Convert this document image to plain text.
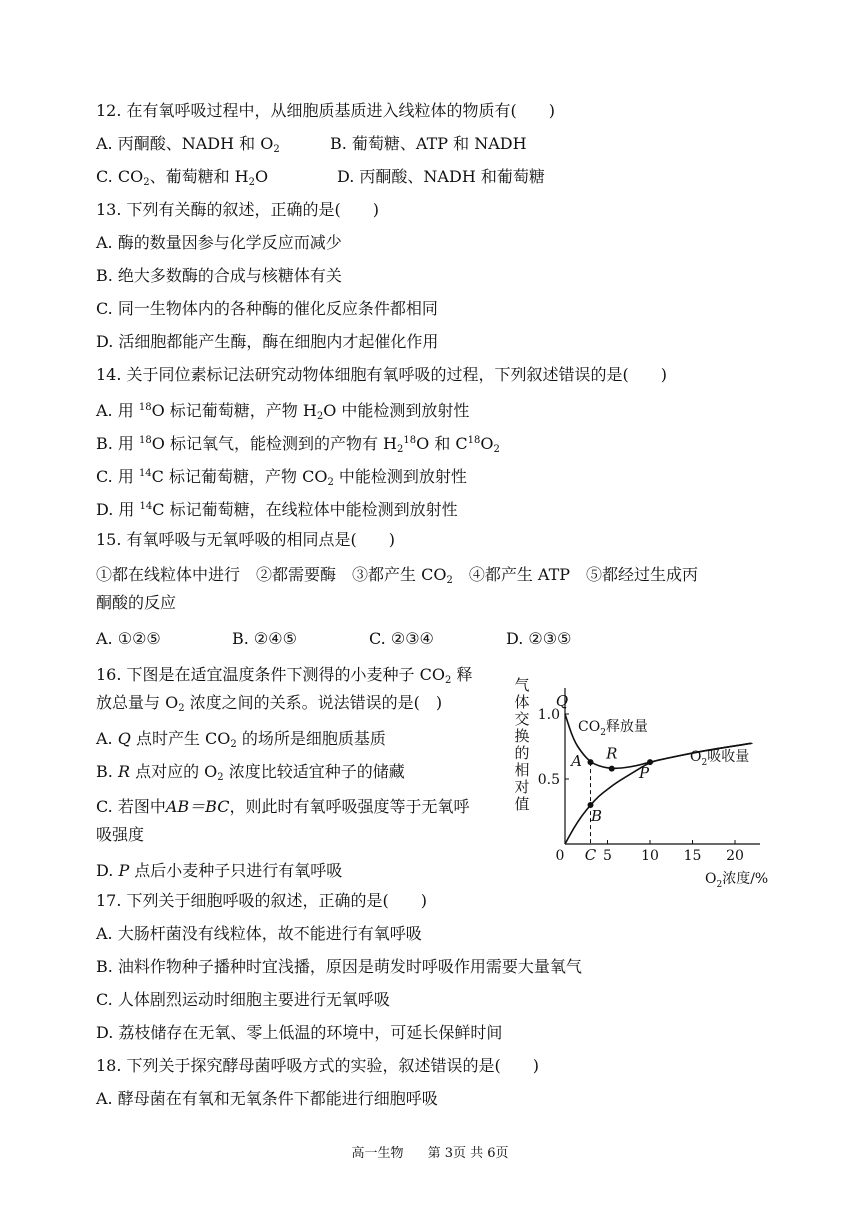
12. 在有氧呼吸过程中，从细胞质基质进入线粒体的物质有(　　)
A. 丙酮酸、NADH 和 $O_2$	B. 葡萄糖、ATP 和 NADH
C. $CO_2$、葡萄糖和 $H_2O$	D. 丙酮酸、NADH 和葡萄糖
13. 下列有关酶的叙述，正确的是(　　)
A. 酶的数量因参与化学反应而减少
B. 绝大多数酶的合成与核糖体有关
C. 同一生物体内的各种酶的催化反应条件都相同
D. 活细胞都能产生酶，酶在细胞内才起催化作用
14. 关于同位素标记法研究动物体细胞有氧呼吸的过程，下列叙述错误的是(　　)
A. 用 $^{18}$O 标记葡萄糖，产物 $H_2O$ 中能检测到放射性
B. 用 $^{18}$O 标记氧气，能检测到的产物有 $H_2^{18}O$ 和 $C^{18}O_2$
C. 用 $^{14}$C 标记葡萄糖，产物 $CO_2$ 中能检测到放射性
D. 用 $^{14}$C 标记葡萄糖，在线粒体中能检测到放射性
15. 有氧呼吸与无氧呼吸的相同点是(　　)
①都在线粒体中进行　②都需要酶　③都产生 $CO_2$　④都产生 ATP　⑤都经过生成丙
酮酸的反应
A. ①②⑤	B. ②④⑤	C. ②③④	D. ②③⑤
16. 下图是在适宜温度条件下测得的小麦种子 $CO_2$ 释
放总量与 $O_2$ 浓度之间的关系。说法错误的是(　)
A. Q 点时产生 $CO_2$ 的场所是细胞质基质
B. R 点对应的 $O_2$ 浓度比较适宜种子的储藏
C. 若图中AB＝BC，则此时有氧呼吸强度等于无氧呼
吸强度
D. P 点后小麦种子只进行有氧呼吸
气
体
交
换
的
相
对
值
5 10 15 20
0.5
1.0
Q
A R
P
B
C
0
$CO_2$释放量
$O_2$吸收量
$O_2$浓度/%
17. 下列关于细胞呼吸的叙述，正确的是(　　)
A. 大肠杆菌没有线粒体，故不能进行有氧呼吸
B. 油料作物种子播种时宜浅播，原因是萌发时呼吸作用需要大量氧气
C. 人体剧烈运动时细胞主要进行无氧呼吸
D. 荔枝储存在无氧、零上低温的环境中，可延长保鲜时间
18. 下列关于探究酵母菌呼吸方式的实验，叙述错误的是(　　)
A. 酵母菌在有氧和无氧条件下都能进行细胞呼吸
高一生物 第 3页 共 6页
